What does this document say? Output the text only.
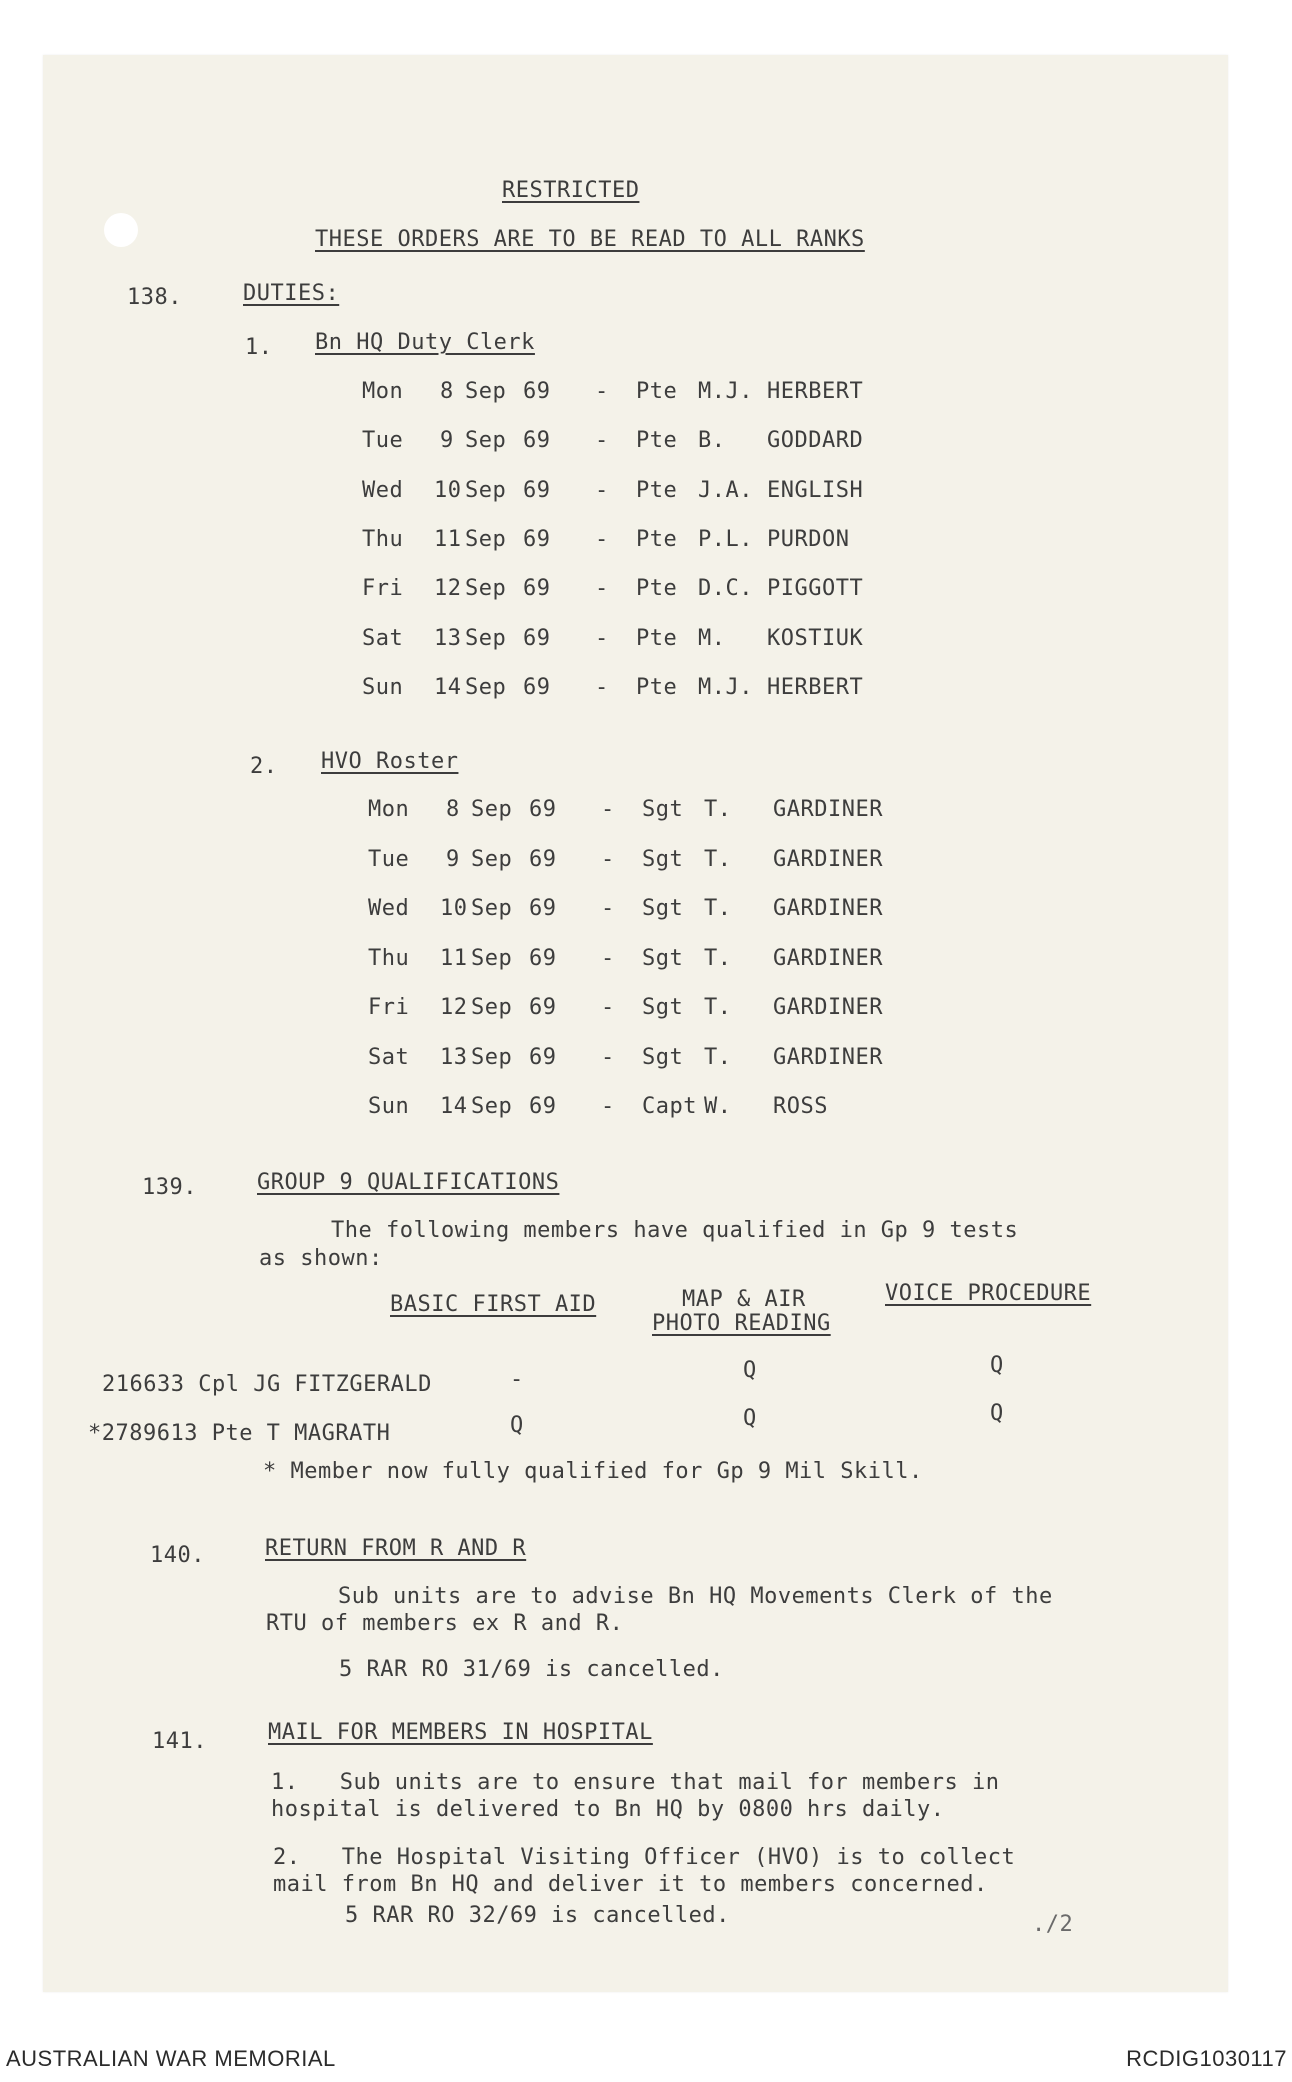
RESTRICTED
THESE ORDERS ARE TO BE READ TO ALL RANKS
138.	DUTIES:
1. Bn HQ Duty Clerk
Mon 8 Sep 69 - Pte M.J. HERBERT
Tue 9 Sep 69 - Pte B. GODDARD
Wed 10 Sep 69 - Pte J.A. ENGLISH
Thu 11 Sep 69 - Pte P.L. PURDON
Fri 12 Sep 69 - Pte D.C. PIGGOTT
Sat 13 Sep 69 - Pte M. KOSTIUK
Sun 14 Sep 69 - Pte M.J. HERBERT
2. HVO Roster
Mon 8 Sep 69 - Sgt T. GARDINER
Tue 9 Sep 69 - Sgt T. GARDINER
Wed 10 Sep 69 - Sgt T. GARDINER
Thu 11 Sep 69 - Sgt T. GARDINER
Fri 12 Sep 69 - Sgt T. GARDINER
Sat 13 Sep 69 - Sgt T. GARDINER
Sun 14 Sep 69 - Capt W. ROSS
139.	GROUP 9 QUALIFICATIONS
The following members have qualified in Gp 9 tests
as shown:
BASIC FIRST AID	MAP & AIR
PHOTO READING
VOICE PROCEDURE
216633 Cpl JG FITZGERALD	-	Q	Q
*2789613 Pte T MAGRATH	Q	Q	Q
* Member now fully qualified for Gp 9 Mil Skill.
140.	RETURN FROM R AND R
Sub units are to advise Bn HQ Movements Clerk of the
RTU of members ex R and R.
5 RAR RO 31/69 is cancelled.
141.	MAIL FOR MEMBERS IN HOSPITAL
1.   Sub units are to ensure that mail for members in
hospital is delivered to Bn HQ by 0800 hrs daily.
2.   The Hospital Visiting Officer (HVO) is to collect
mail from Bn HQ and deliver it to members concerned.
5 RAR RO 32/69 is cancelled.	./2
AUSTRALIAN WAR MEMORIAL	RCDIG1030117
